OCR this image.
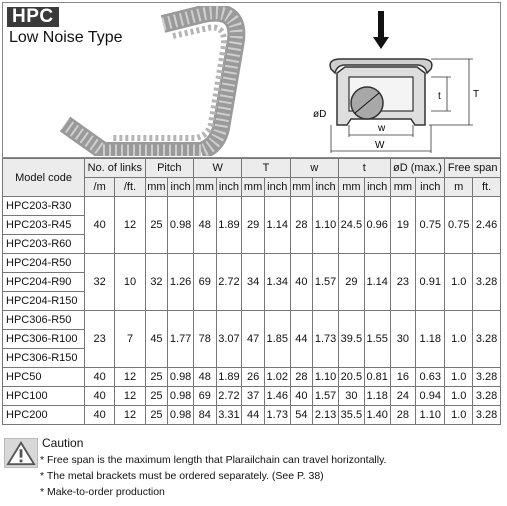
HPC
Low Noise Type
øD
w
W
t	T
Model code	No. of links		Pitch		W		T		w		t		øD (max.)		Free span	
	/m	/ft.	mm	inch	mm	inch	mm	inch	mm	inch	mm	inch	mm	inch	m	ft.
HPC203-R30	40	12	25	0.98	48	1.89	29	1.14	28	1.10	24.5	0.96	19	0.75	0.75	2.46
HPC203-R45																
HPC203-R60																
HPC204-R50	32	10	32	1.26	69	2.72	34	1.34	40	1.57	29	1.14	23	0.91	1.0	3.28
HPC204-R90																
HPC204-R150																
HPC306-R50	23	7	45	1.77	78	3.07	47	1.85	44	1.73	39.5	1.55	30	1.18	1.0	3.28
HPC306-R100																
HPC306-R150																
HPC50	40	12	25	0.98	48	1.89	26	1.02	28	1.10	20.5	0.81	16	0.63	1.0	3.28
HPC100	40	12	25	0.98	69	2.72	37	1.46	40	1.57	30	1.18	24	0.94	1.0	3.28
HPC200	40	12	25	0.98	84	3.31	44	1.73	54	2.13	35.5	1.40	28	1.10	1.0	3.28
Caution
* Free span is the maximum length that Plarailchain can travel horizontally.
* The metal brackets must be ordered separately. (See P. 38)
* Make-to-order production
